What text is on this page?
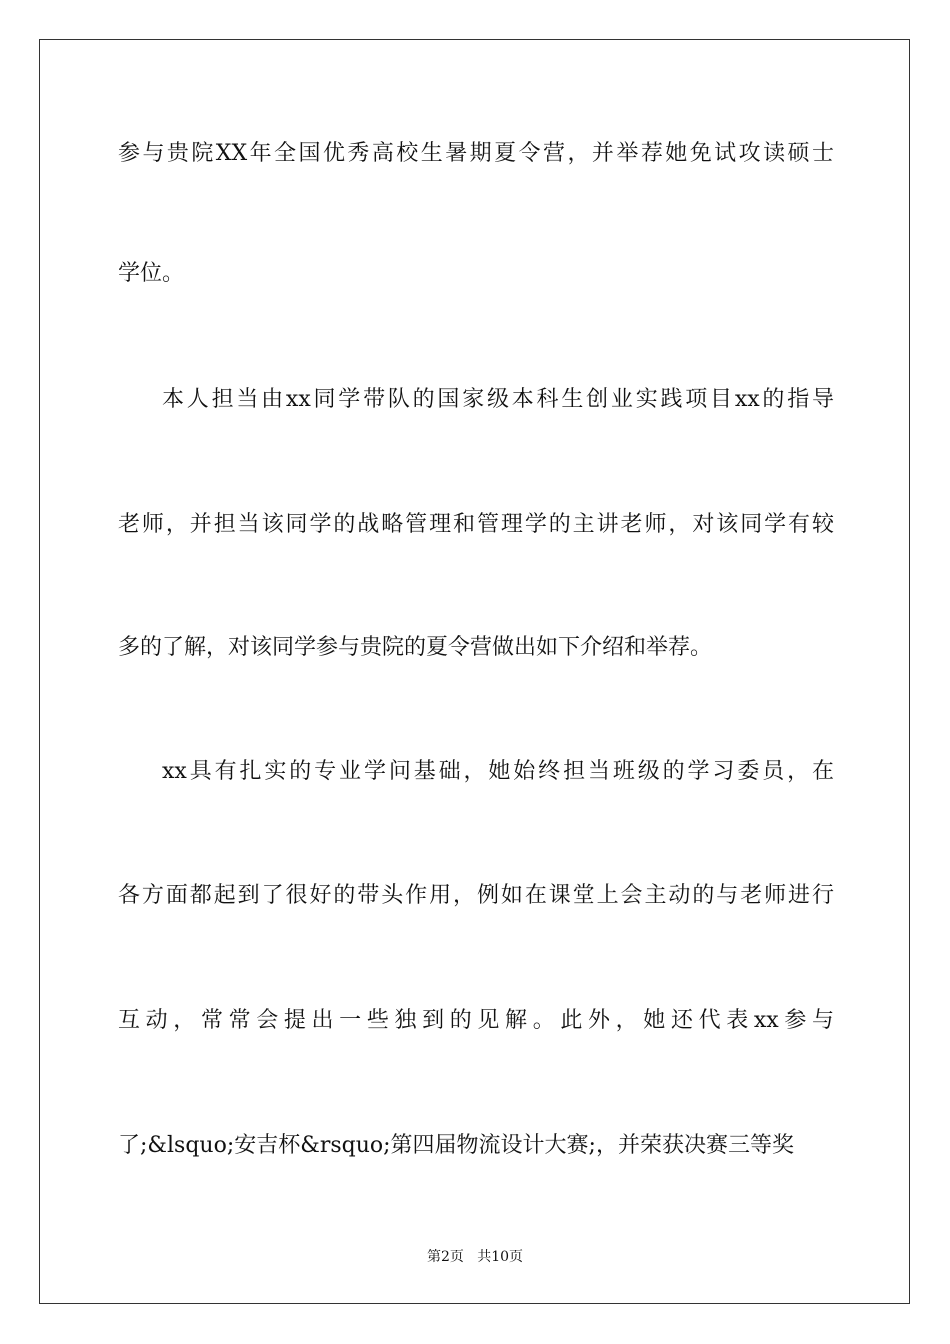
参与贵院XX年全国优秀高校生暑期夏令营，并举荐她免试攻读硕士
学位。
本人担当由xx同学带队的国家级本科生创业实践项目xx的指导
老师，并担当该同学的战略管理和管理学的主讲老师，对该同学有较
多的了解，对该同学参与贵院的夏令营做出如下介绍和举荐。
xx具有扎实的专业学问基础，她始终担当班级的学习委员，在
各方面都起到了很好的带头作用，例如在课堂上会主动的与老师进行
互动，常常会提出一些独到的见解。此外，她还代表xx参与
了;&lsquo;安吉杯&rsquo;第四届物流设计大赛;，并荣获决赛三等奖
第2页   共10页
